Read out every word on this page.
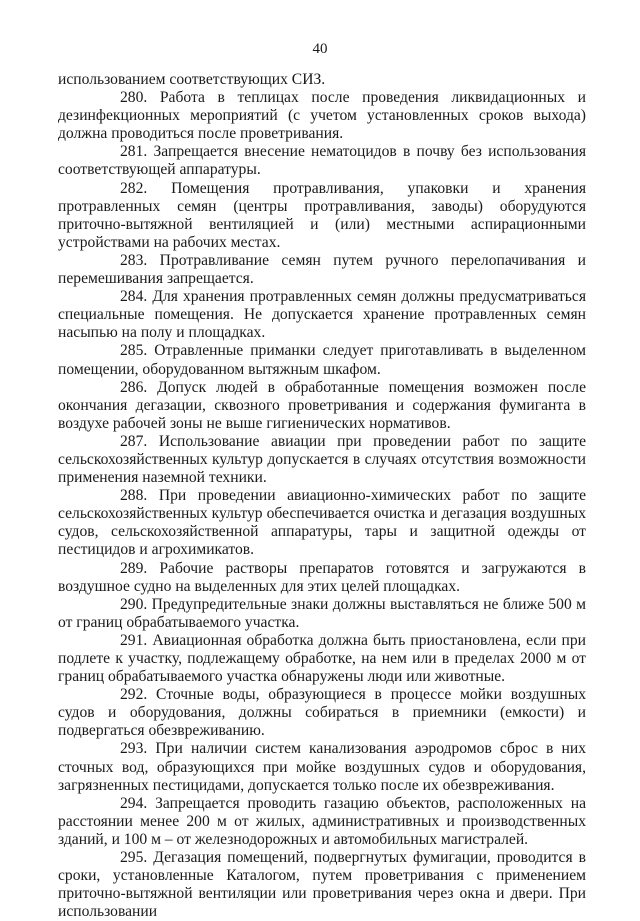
40

использованием соответствующих СИЗ.

280. Работа в теплицах после проведения ликвидационных и дезинфекционных мероприятий (с учетом установленных сроков выхода) должна проводиться после проветривания.

281. Запрещается внесение нематоцидов в почву без использования соответствующей аппаратуры.

282. Помещения протравливания, упаковки и хранения протравленных семян (центры протравливания, заводы) оборудуются приточно-вытяжной вентиляцией и (или) местными аспирационными устройствами на рабочих местах.

283. Протравливание семян путем ручного перелопачивания и перемешивания запрещается.

284. Для хранения протравленных семян должны предусматриваться специальные помещения. Не допускается хранение протравленных семян насыпью на полу и площадках.

285. Отравленные приманки следует приготавливать в выделенном помещении, оборудованном вытяжным шкафом.

286. Допуск людей в обработанные помещения возможен после окончания дегазации, сквозного проветривания и содержания фумиганта в воздухе рабочей зоны не выше гигиенических нормативов.

287. Использование авиации при проведении работ по защите сельскохозяйственных культур допускается в случаях отсутствия возможности применения наземной техники.

288. При проведении авиационно-химических работ по защите сельскохозяйственных культур обеспечивается очистка и дегазация воздушных судов, сельскохозяйственной аппаратуры, тары и защитной одежды от пестицидов и агрохимикатов.

289. Рабочие растворы препаратов готовятся и загружаются в воздушное судно на выделенных для этих целей площадках.

290. Предупредительные знаки должны выставляться не ближе 500 м от границ обрабатываемого участка.

291. Авиационная обработка должна быть приостановлена, если при подлете к участку, подлежащему обработке, на нем или в пределах 2000 м от границ обрабатываемого участка обнаружены люди или животные.

292. Сточные воды, образующиеся в процессе мойки воздушных судов и оборудования, должны собираться в приемники (емкости) и подвергаться обезвреживанию.

293. При наличии систем канализования аэродромов сброс в них сточных вод, образующихся при мойке воздушных судов и оборудования, загрязненных пестицидами, допускается только после их обезвреживания.

294. Запрещается проводить газацию объектов, расположенных на расстоянии менее 200 м от жилых, административных и производственных зданий, и 100 м – от железнодорожных и автомобильных магистралей.

295. Дегазация помещений, подвергнутых фумигации, проводится в сроки, установленные Каталогом, путем проветривания с применением приточно-вытяжной вентиляции или проветривания через окна и двери. При использовании
